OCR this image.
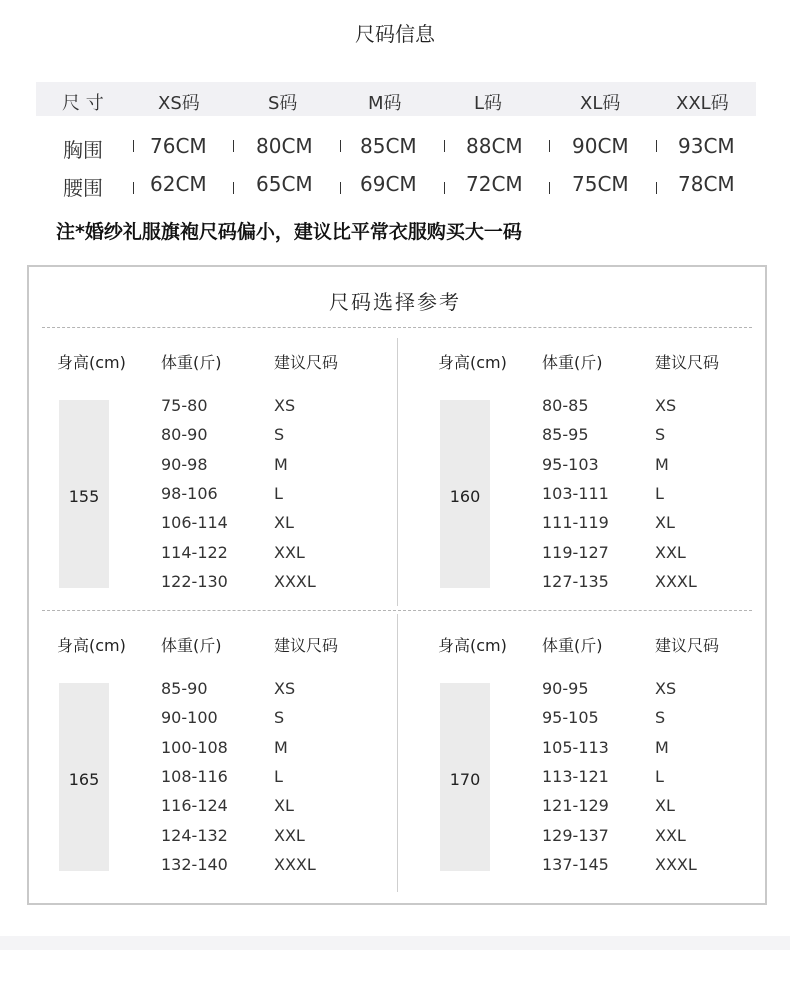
尺码信息
尺 寸	XS码	S码	M码	L码	XL码	XXL码
胸围 76CM 80CM 85CM 88CM 90CM 93CM
腰围 62CM 65CM 69CM 72CM 75CM 78CM
注*婚纱礼服旗袍尺码偏小，建议比平常衣服购买大一码
尺码选择参考
身高(cm) 体重(斤)	建议尺码
155
75-80	XS
80-90	S
90-98	M
98-106	L
106-114	XL
114-122	XXL
122-130	XXXL
身高(cm) 体重(斤)	建议尺码
160
80-85	XS
85-95	S
95-103	M
103-111	L
111-119	XL
119-127	XXL
127-135	XXXL
身高(cm) 体重(斤)	建议尺码
165
85-90	XS
90-100	S
100-108	M
108-116	L
116-124	XL
124-132	XXL
132-140	XXXL
身高(cm) 体重(斤)	建议尺码
170
90-95	XS
95-105	S
105-113	M
113-121	L
121-129	XL
129-137	XXL
137-145	XXXL
